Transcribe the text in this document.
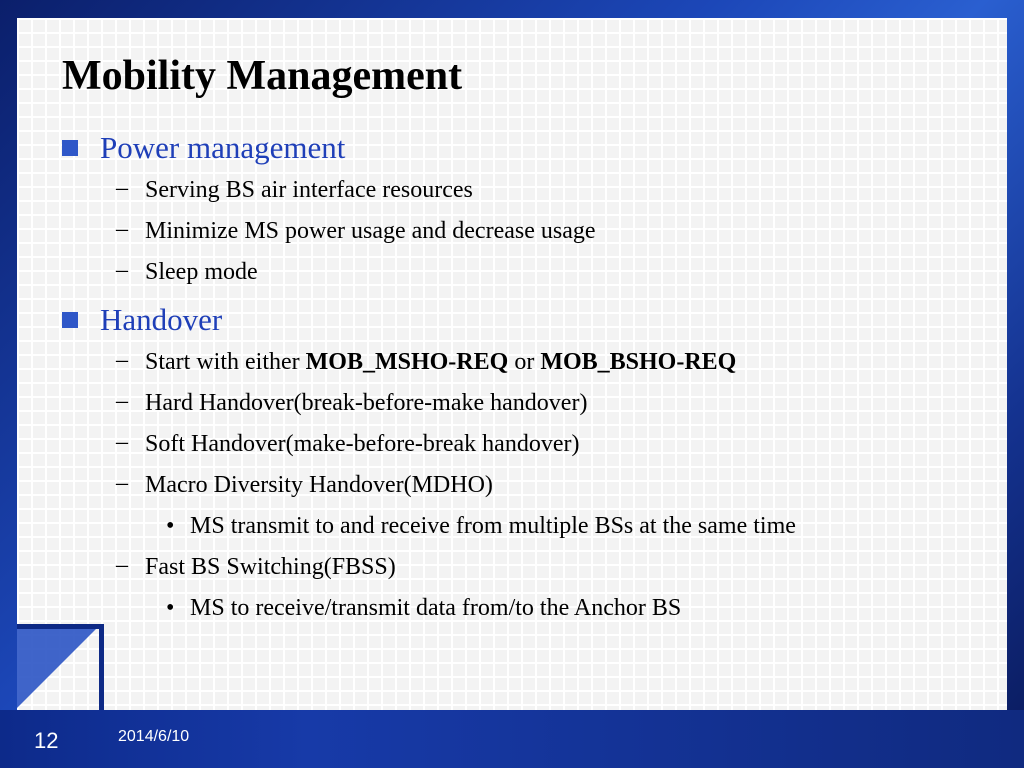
12	2014/6/10
Mobility Management
Power management
– Serving BS air interface resources
– Minimize MS power usage and decrease usage
– Sleep mode
Handover
– Start with either MOB_MSHO-REQ or MOB_BSHO-REQ
– Hard Handover(break-before-make handover)
– Soft Handover(make-before-break handover)
– Macro Diversity Handover(MDHO)
• MS transmit to and receive from multiple BSs at the same time
– Fast BS Switching(FBSS)
• MS to receive/transmit data from/to the Anchor BS
